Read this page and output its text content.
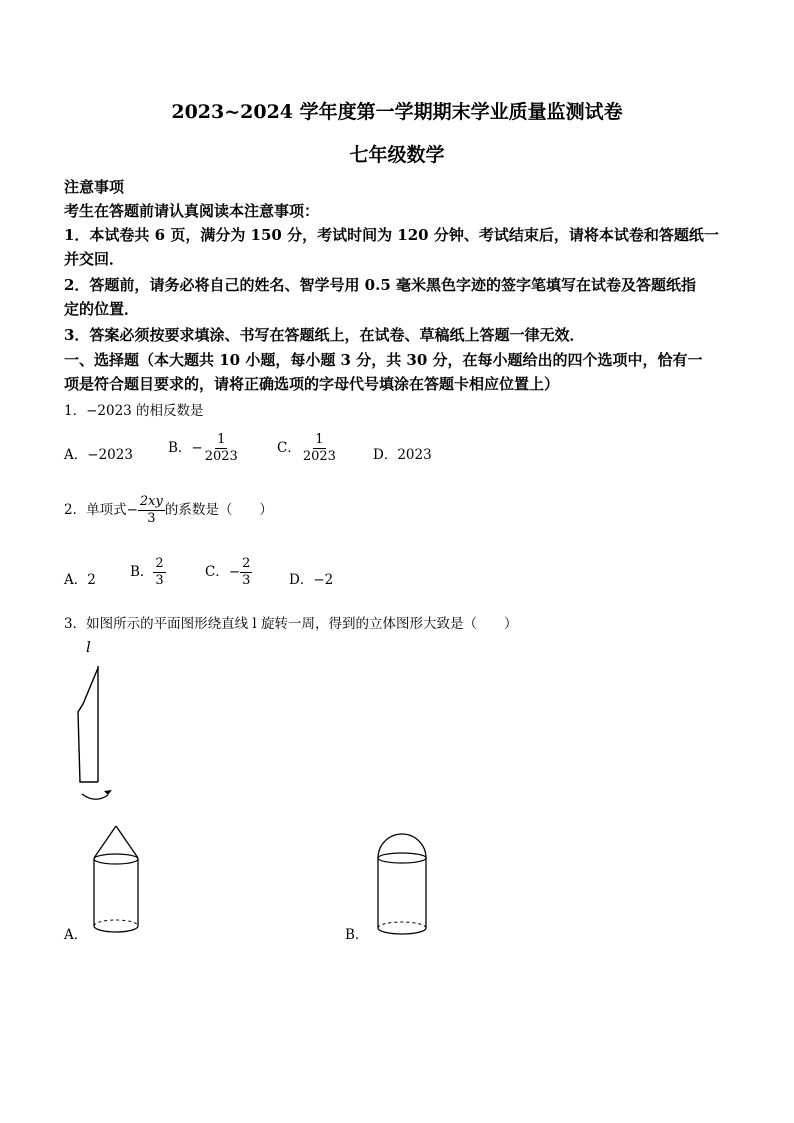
2023~2024 学年度第一学期期末学业质量监测试卷
七年级数学
注意事项
考生在答题前请认真阅读本注意事项：
1．本试卷共 6 页，满分为 150 分，考试时间为 120 分钟、考试结束后，请将本试卷和答题纸一
并交回．
2．答题前，请务必将自己的姓名、智学号用 0.5 毫米黑色字迹的签字笔填写在试卷及答题纸指
定的位置．
3．答案必须按要求填涂、书写在答题纸上，在试卷、草稿纸上答题一律无效．
一、选择题（本大题共 10 小题，每小题 3 分，共 30 分，在每小题给出的四个选项中，恰有一
项是符合题目要求的，请将正确选项的字母代号填涂在答题卡相应位置上）
1．−2023 的相反数是
A．−2023	B．− $\frac{1}{2023}$	C． $\frac{1}{2023}$	D．2023
2．单项式− $\frac{2xy}{3}$ 的系数是（　　）
A．2	B． $\frac{2}{3}$	C．− $\frac{2}{3}$	D．−2
3．如图所示的平面图形绕直线 l 旋转一周，得到的立体图形大致是（　　）
l
A．	B．
